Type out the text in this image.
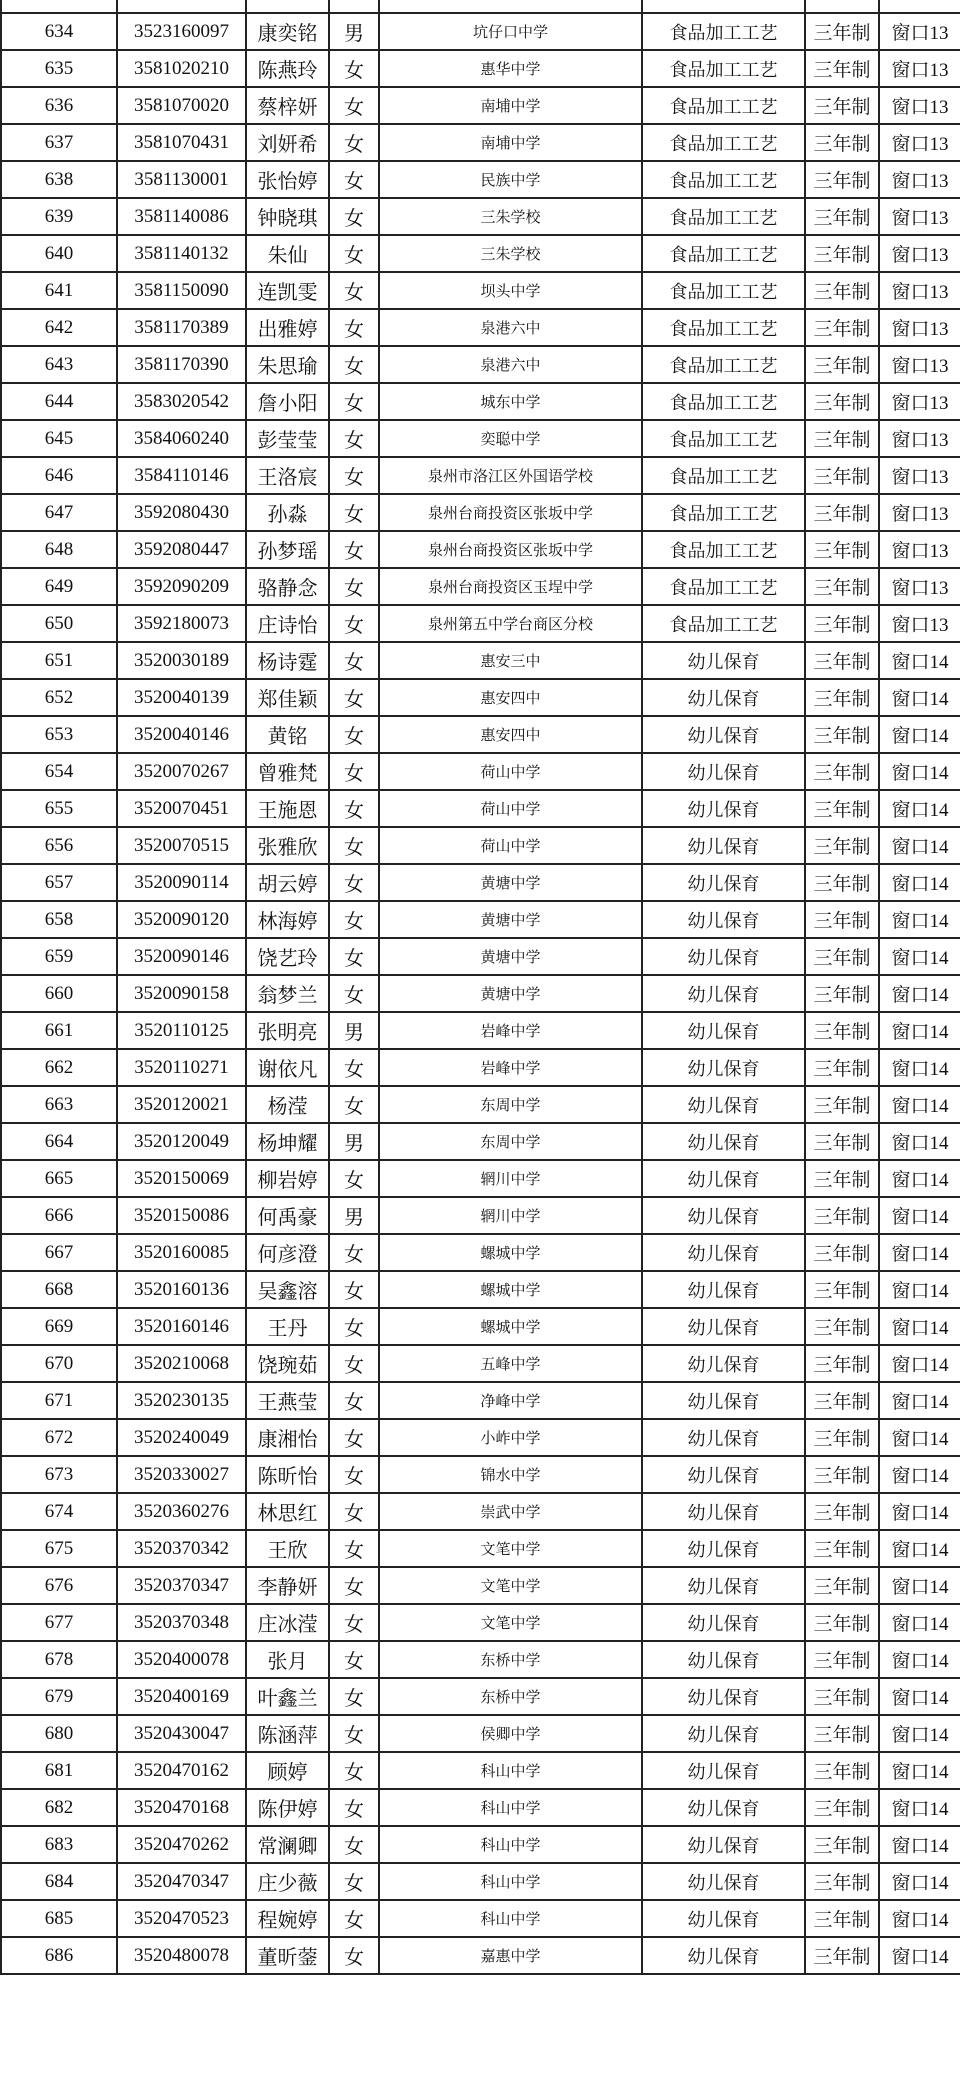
634	3523160097	康奕铭	男	坑仔口中学	食品加工工艺	三年制	窗口13
635	3581020210	陈燕玲	女	惠华中学	食品加工工艺	三年制	窗口13
636	3581070020	蔡梓妍	女	南埔中学	食品加工工艺	三年制	窗口13
637	3581070431	刘妍希	女	南埔中学	食品加工工艺	三年制	窗口13
638	3581130001	张怡婷	女	民族中学	食品加工工艺	三年制	窗口13
639	3581140086	钟晓琪	女	三朱学校	食品加工工艺	三年制	窗口13
640	3581140132	朱仙	女	三朱学校	食品加工工艺	三年制	窗口13
641	3581150090	连凯雯	女	坝头中学	食品加工工艺	三年制	窗口13
642	3581170389	出雅婷	女	泉港六中	食品加工工艺	三年制	窗口13
643	3581170390	朱思瑜	女	泉港六中	食品加工工艺	三年制	窗口13
644	3583020542	詹小阳	女	城东中学	食品加工工艺	三年制	窗口13
645	3584060240	彭莹莹	女	奕聪中学	食品加工工艺	三年制	窗口13
646	3584110146	王洛宸	女	泉州市洛江区外国语学校	食品加工工艺	三年制	窗口13
647	3592080430	孙淼	女	泉州台商投资区张坂中学	食品加工工艺	三年制	窗口13
648	3592080447	孙梦瑶	女	泉州台商投资区张坂中学	食品加工工艺	三年制	窗口13
649	3592090209	骆静念	女	泉州台商投资区玉埕中学	食品加工工艺	三年制	窗口13
650	3592180073	庄诗怡	女	泉州第五中学台商区分校	食品加工工艺	三年制	窗口13
651	3520030189	杨诗霆	女	惠安三中	幼儿保育	三年制	窗口14
652	3520040139	郑佳颖	女	惠安四中	幼儿保育	三年制	窗口14
653	3520040146	黄铭	女	惠安四中	幼儿保育	三年制	窗口14
654	3520070267	曾雅梵	女	荷山中学	幼儿保育	三年制	窗口14
655	3520070451	王施恩	女	荷山中学	幼儿保育	三年制	窗口14
656	3520070515	张雅欣	女	荷山中学	幼儿保育	三年制	窗口14
657	3520090114	胡云婷	女	黄塘中学	幼儿保育	三年制	窗口14
658	3520090120	林海婷	女	黄塘中学	幼儿保育	三年制	窗口14
659	3520090146	饶艺玲	女	黄塘中学	幼儿保育	三年制	窗口14
660	3520090158	翁梦兰	女	黄塘中学	幼儿保育	三年制	窗口14
661	3520110125	张明亮	男	岩峰中学	幼儿保育	三年制	窗口14
662	3520110271	谢依凡	女	岩峰中学	幼儿保育	三年制	窗口14
663	3520120021	杨滢	女	东周中学	幼儿保育	三年制	窗口14
664	3520120049	杨坤耀	男	东周中学	幼儿保育	三年制	窗口14
665	3520150069	柳岩婷	女	辋川中学	幼儿保育	三年制	窗口14
666	3520150086	何禹豪	男	辋川中学	幼儿保育	三年制	窗口14
667	3520160085	何彦澄	女	螺城中学	幼儿保育	三年制	窗口14
668	3520160136	吴鑫溶	女	螺城中学	幼儿保育	三年制	窗口14
669	3520160146	王丹	女	螺城中学	幼儿保育	三年制	窗口14
670	3520210068	饶琬茹	女	五峰中学	幼儿保育	三年制	窗口14
671	3520230135	王燕莹	女	净峰中学	幼儿保育	三年制	窗口14
672	3520240049	康湘怡	女	小岞中学	幼儿保育	三年制	窗口14
673	3520330027	陈昕怡	女	锦水中学	幼儿保育	三年制	窗口14
674	3520360276	林思红	女	崇武中学	幼儿保育	三年制	窗口14
675	3520370342	王欣	女	文笔中学	幼儿保育	三年制	窗口14
676	3520370347	李静妍	女	文笔中学	幼儿保育	三年制	窗口14
677	3520370348	庄冰滢	女	文笔中学	幼儿保育	三年制	窗口14
678	3520400078	张月	女	东桥中学	幼儿保育	三年制	窗口14
679	3520400169	叶鑫兰	女	东桥中学	幼儿保育	三年制	窗口14
680	3520430047	陈涵萍	女	侯卿中学	幼儿保育	三年制	窗口14
681	3520470162	顾婷	女	科山中学	幼儿保育	三年制	窗口14
682	3520470168	陈伊婷	女	科山中学	幼儿保育	三年制	窗口14
683	3520470262	常澜卿	女	科山中学	幼儿保育	三年制	窗口14
684	3520470347	庄少薇	女	科山中学	幼儿保育	三年制	窗口14
685	3520470523	程婉婷	女	科山中学	幼儿保育	三年制	窗口14
686	3520480078	董昕蓥	女	嘉惠中学	幼儿保育	三年制	窗口14
